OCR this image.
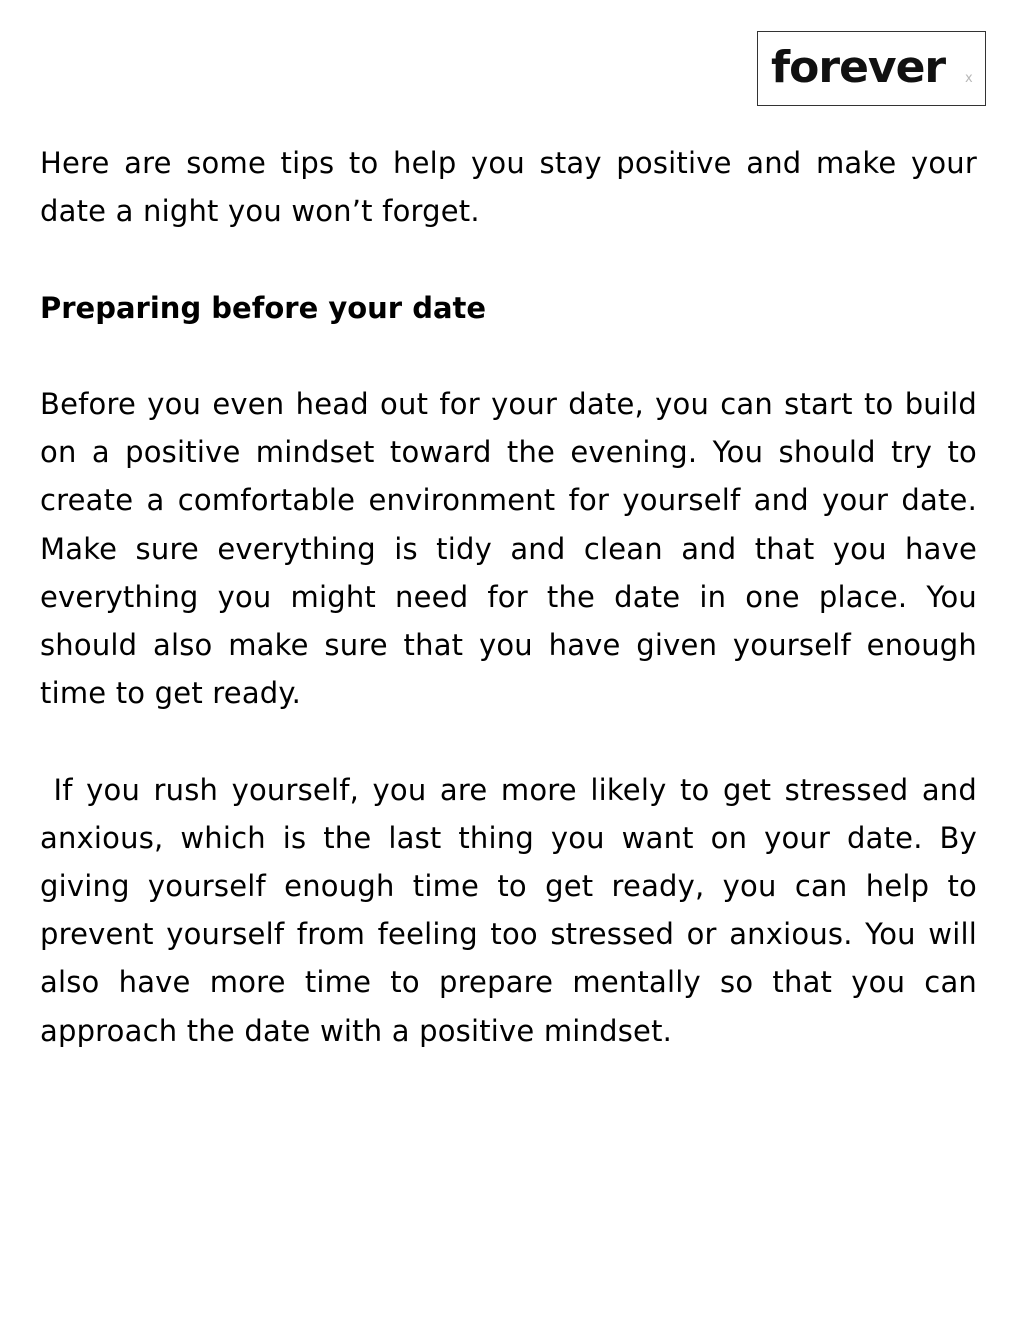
forever x

Here are some tips to help you stay positive and make your date a night you won’t forget.

Preparing before your date

Before you even head out for your date, you can start to build on a positive mindset toward the evening. You should try to create a comfortable environment for yourself and your date. Make sure everything is tidy and clean and that you have everything you might need for the date in one place. You should also make sure that you have given yourself enough time to get ready.

If you rush yourself, you are more likely to get stressed and anxious, which is the last thing you want on your date. By giving yourself enough time to get ready, you can help to prevent yourself from feeling too stressed or anxious. You will also have more time to prepare mentally so that you can approach the date with a positive mindset.
